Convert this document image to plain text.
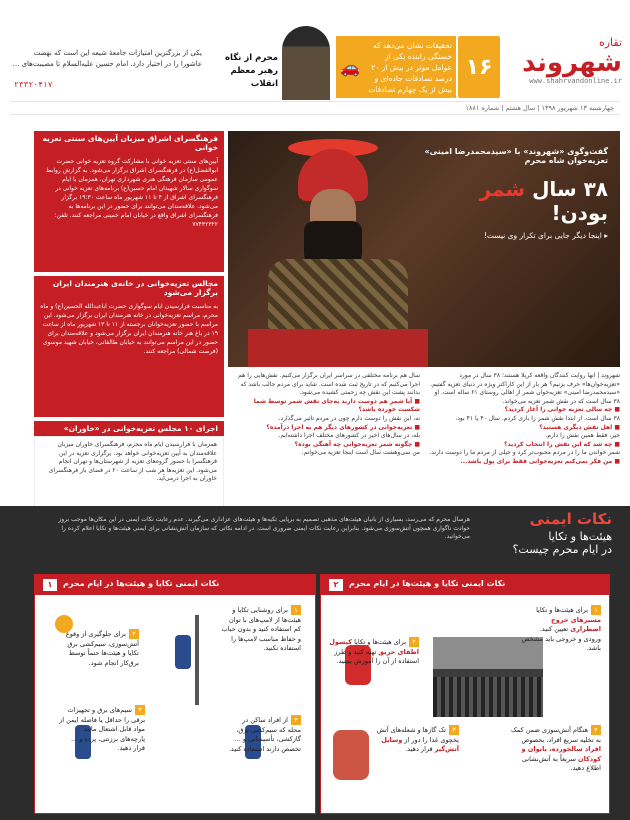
تقاره
شهروند
www.shahrvandonline.ir
۱۶
تحقیقات نشان می‌دهد که خستگی راننده یکی از عوامل موثر در بیش از ۲۰ درصد تصادفات جاده‌ای و بیش از یک چهارم تصادفات کشنده و جدی است
🚗
محرم از نگاه رهبر معظم انقلاب
یکی از بزرگترین امتیازات جامعهٔ شیعه این است که نهضت عاشورا را در اختیار دارد. امام حسین علیه‌السلام تا مصیبت‌های ...
۲۳۳۲۰۴۱۷
چهارشنبه ۱۳ شهریور ۱۳۹۸ | سال هشتم | شماره ۱۸۸۱
گفت‌وگوی «شهروند» با «سیدمحمدرضا امینی» تعزیه‌خوان شاه محرم
۳۸ سال شمر بودن!
▸ اینجا دیگر جایی برای تکرار وی نیست!
فرهنگسرای اشراق میزبان آیین‌های سنتی تعزیه خوانی
آیین‌های سنتی تعزیه خوانی با مشارکت گروه تعزیه خوانی حضرت ابوالفضل(ع) در فرهنگسرای اشراق برگزار می‌شود. به گزارش روابط عمومی سازمان فرهنگی هنری شهرداری تهران، همزمان با ایام سوگواری سالار شهیدان امام حسین(ع) برنامه‌های تعزیه خوانی در فرهنگسرای اشراق از ۴ تا ۱۱ شهریور ماه ساعت ۱۹:۳۰ برگزار می‌شود. علاقه‌مندان می‌توانند برای حضور در این برنامه‌ها به فرهنگسرای اشراق واقع در خیابان امام خمینی مراجعه کنند. تلفن: ۷۷۴۳۲۳۲۲
مجالس تعزیه‌خوانی در خانه‌ی هنرمندان ایران برگزار می‌شود
به مناسبت فرارسیدن ایام سوگواری حضرت اباعبدالله الحسین(ع) و ماه محرم، مراسم تعزیه‌خوانی در خانه هنرمندان ایران برگزار می‌شود. این مراسم با حضور تعزیه‌خوانان برجسته از ۱۱ تا ۱۳ شهریور ماه از ساعت ۱۹ در باغ هنر خانه هنرمندان ایران برگزار می‌شود و علاقه‌مندان برای حضور در این مراسم می‌توانند به خیابان طالقانی، خیابان شهید موسوی (فرصت شمالی) مراجعه کنند.
اجرای ۱۰ مجلس تعزیه‌خوانی در «خاوران»
همزمان با فرارسیدن ایام ماه محرم، فرهنگسرای خاوران میزبان علاقه‌مندان به آیین تعزیه‌خوانی خواهد بود. برگزاری تعزیه در این فرهنگسرا با حضور گروه‌های تعزیه از شهرستان‌ها و تهران انجام می‌شود. این تعزیه‌ها هر شب از ساعت ۲۰ در فضای باز فرهنگسرای خاوران به اجرا درمی‌آید.
شهروند | آنها روایت کنندگان واقعه کربلا هستند؛ ۳۸ سال در مورد «تعزیه‌خوان‌ها» حرف بزنیم؟ هر بار از این کاراکتر ویژه در دنیای تعزیه گفتیم. «سیدمحمدرضا امینی» تعزیه‌خوان شمر از اهالی روستای ۶۱ ساله است. او ۳۸ سال است که در نقش شمر تعزیه می‌خواند.
■ چه سالی تعزیه خوانی را آغاز کردید؟
۳۸ سال است. از ابتدا نقش شمر را بازی کردم. سال ۴۰ یا ۴۱ بود.
■ اهل نقش دیگری هستید؟
خیر، فقط همین نقش را دارم.
■ چه شد که این نقش را انتخاب کردید؟
شمر خواندن ما را در مردم محبوب‌تر کرد و خیلی از مردم ما را دوست دارند.
■ من فکر نمی‌کنم تعزیه‌خوانی فقط برای پول باشد...
سال هم برنامه مختلفی در سراسر ایران برگزار می‌کنیم. نقش‌هایی را هم اجرا می‌کنیم که در تاریخ ثبت شده است. شاید برای مردم جالب باشد که بدانند پشت این نقش چه زحمتی کشیده می‌شود.
■ آیا شمر هم دوست دارید به‌جای نقش شمر توسط شما شکست خورده باشد؟
نه، این نقش را دوست دارم چون در مردم تاثیر می‌گذارد.
■ تعزیه‌خوانی در کشورهای دیگر هم به اجرا درآمده؟
بله، در سال‌های اخیر در کشورهای مختلف اجرا داشته‌ایم.
■ چگونه شمر تعزیه‌خوانی چه آهنگی بوده؟
من سی‌وهشت سال است اینجا تعزیه می‌خوانم.
نکات ایمنی
هیئت‌ها و تکایا
در ایام محرم چیست؟
هرسال محرم که می‌رسد، بسیاری از بانیان هیئت‌های مذهبی تصمیم به برپایی تکیه‌ها و هیئت‌های عزاداری می‌گیرند. عدم رعایت نکات ایمنی در این مکان‌ها موجب بروز حوادث ناگواری همچون آتش‌سوزی می‌شود. بنابراین رعایت نکات ایمنی ضروری است. در ادامه نکاتی که سازمان آتش‌نشانی برای ایمنی هیئت‌ها و تکایا اعلام کرده را می‌خوانید.
نکات ایمنی تکایا و هیئت‌ها در ایام محرم
۲
۱برای هیئت‌ها و تکایا مسیرهای خروج اضطراری تعیین کنید. ورودی و خروجی باید مشخص باشد.
۲برای هیئت‌ها و تکایا کپسول اطفای حریق تهیه کنید و طرز استفاده از آن را آموزش ببینید.
۳تک گازها و شعله‌های آتش یخچوی غذا را دور از وسایل آتش‌گیر قرار دهید.
۴هنگام آتش‌سوزی ضمن کمک به تخلیه سریع افراد، بخصوص افراد سالخورده، بانوان و کودکان سریعاً به آتش‌نشانی اطلاع دهید.
نکات ایمنی تکایا و هیئت‌ها در ایام محرم
۱
۱برای روشنایی تکایا و هیئت‌ها از لامپ‌های با توان کم استفاده کنید و بدون حباب و حفاظ مناسب لامپ‌ها را استفاده نکنید.
۲برای جلوگیری از وقوع آتش‌سوزی، سیم‌کشی برق تکایا و هیئت‌ها حتماً توسط برق‌کار انجام شود.
۳سیم‌های برق و تجهیزات برقی را حداقل یا فاصله ایمن از مواد قابل اشتعال مانند پارچه‌های برزنتی، پرده و ... قرار دهید.
۴از افراد ساکن در محله که سیم‌کشی برق، گازکشی، تأسیساتی و ... تخصص دارند استفاده کنید.
